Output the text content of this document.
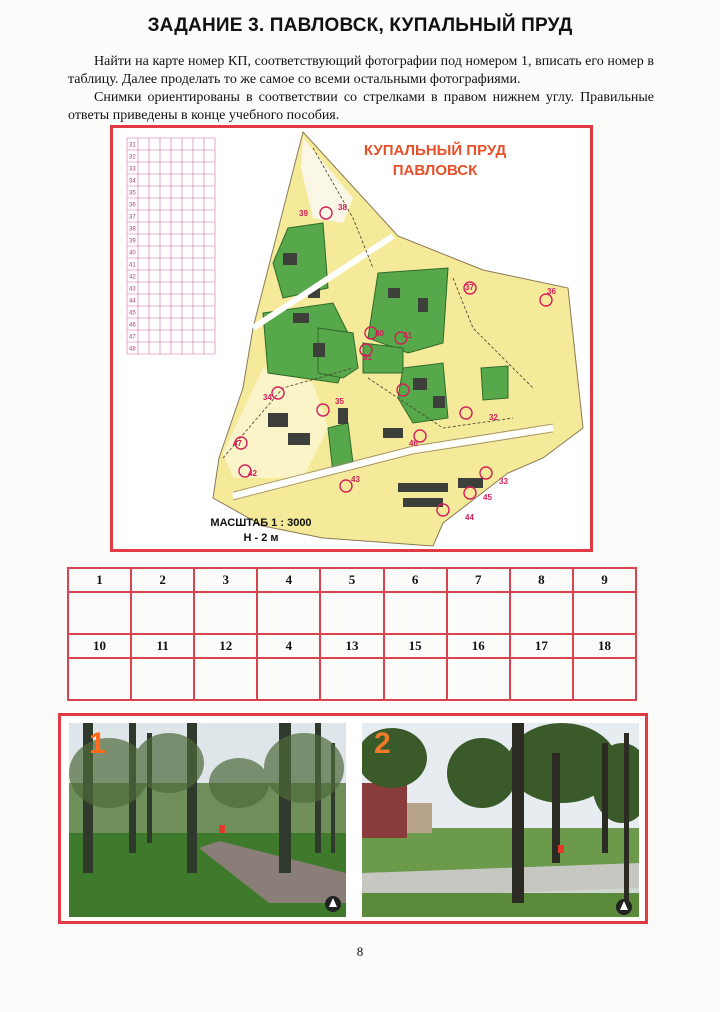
ЗАДАНИЕ 3. ПАВЛОВСК, КУПАЛЬНЫЙ ПРУД
Найти на карте номер КП, соответствующий фотографии под номером 1, вписать его номер в таблицу. Далее проделать то же самое со всеми остальными фотографиями.
Снимки ориентированы в соответствии со стрелками в правом нижнем углу. Правильные ответы приведены в конце учебного пособия.
31
32
33
34
35
36
37
38
39
40
41
42
43
44
45
46
47
48
31
32
33
34	35
36
37
38
39
40 41
42
43
44
45
46
47
КУПАЛЬНЫЙ ПРУД
ПАВЛОВСК
МАСШТАБ 1 : 3000
Н - 2 м
1	2	3	4	5	6	7	8	9

10	11	12	4	13	15	16	17	18

1	2
8
